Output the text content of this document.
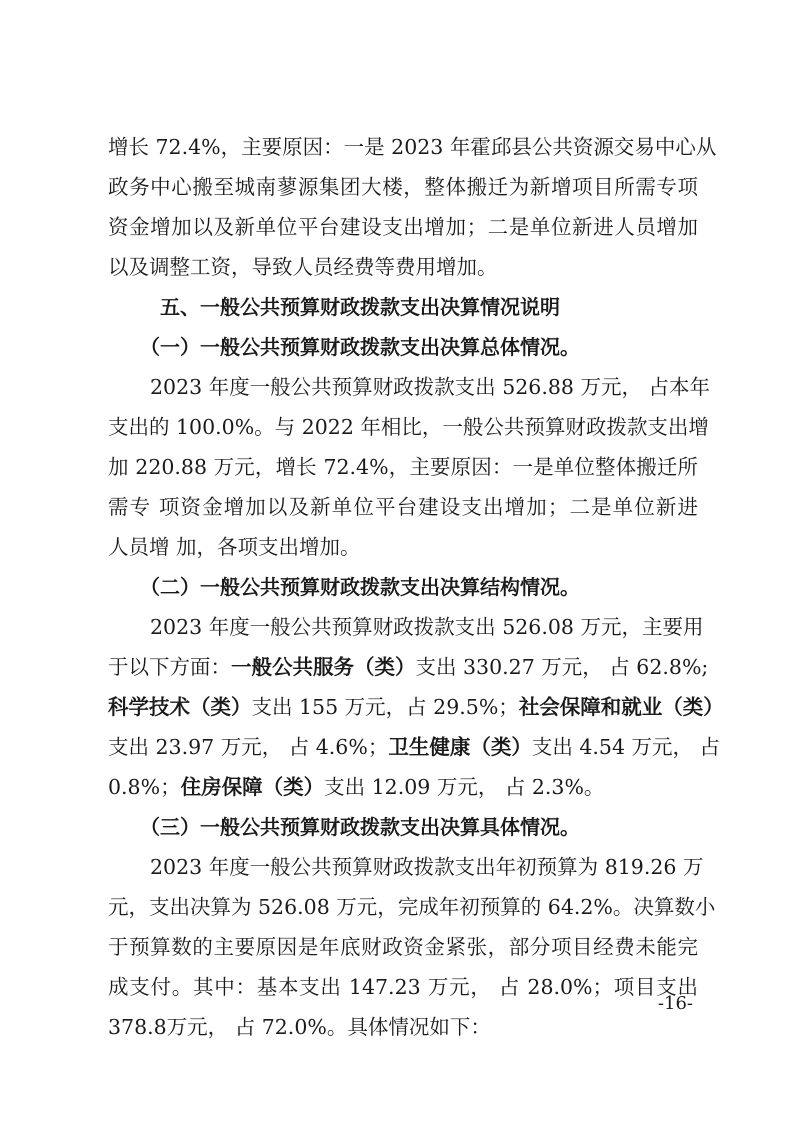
增长 72.4%，主要原因：一是 2023 年霍邱县公共资源交易中心从
政务中心搬至城南蓼源集团大楼，整体搬迁为新增项目所需专项
资金增加以及新单位平台建设支出增加；二是单位新进人员增加
以及调整工资，导致人员经费等费用增加。
五、一般公共预算财政拨款支出决算情况说明
（一）一般公共预算财政拨款支出决算总体情况。
2023 年度一般公共预算财政拨款支出 526.88 万元， 占本年
支出的 100.0%。与 2022 年相比，一般公共预算财政拨款支出增
加 220.88 万元，增长 72.4%，主要原因：一是单位整体搬迁所
需专 项资金增加以及新单位平台建设支出增加；二是单位新进
人员增 加，各项支出增加。
（二）一般公共预算财政拨款支出决算结构情况。
2023 年度一般公共预算财政拨款支出 526.08 万元，主要用
于以下方面：一般公共服务（类）支出 330.27 万元， 占 62.8%;
科学技术（类）支出 155 万元，占 29.5%；社会保障和就业（类）
支出 23.97 万元， 占 4.6%；卫生健康（类）支出 4.54 万元， 占
0.8%；住房保障（类）支出 12.09 万元， 占 2.3%。
（三）一般公共预算财政拨款支出决算具体情况。
2023 年度一般公共预算财政拨款支出年初预算为 819.26 万
元，支出决算为 526.08 万元，完成年初预算的 64.2%。决算数小
于预算数的主要原因是年底财政资金紧张，部分项目经费未能完
成支付。其中：基本支出 147.23 万元， 占 28.0%；项目支出
378.8万元， 占 72.0%。具体情况如下：
-16-
